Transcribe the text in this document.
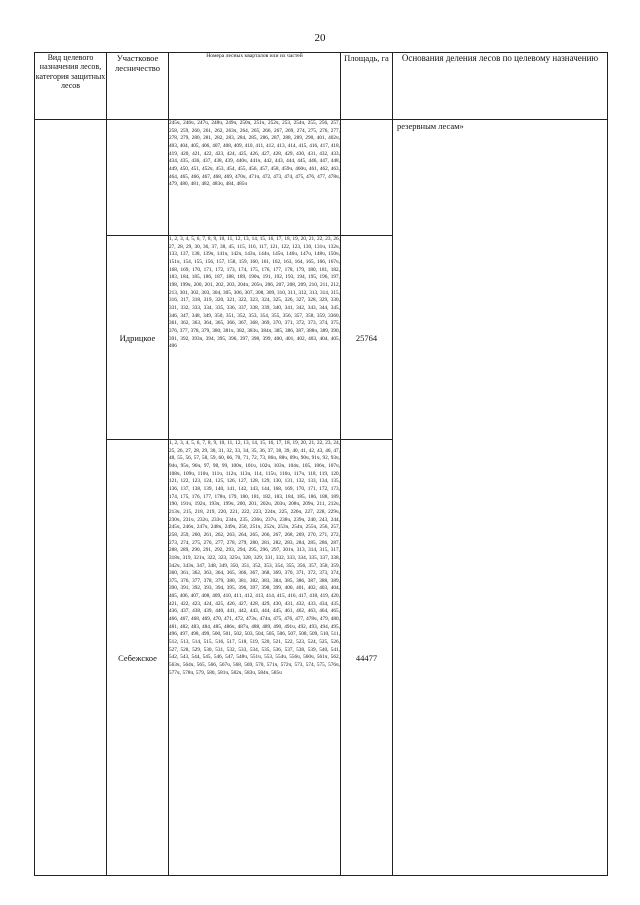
20
Вид целевого назначения лесов, категория защитных лесов	Участковое лесничество	Номера лесных кварталов или их частей	Площадь, га	Основания деления лесов по целевому назначению
		245ч, 246ч, 247ч, 248ч, 249ч, 250ч, 251ч, 252ч, 253, 254ч, 255, 256, 257, 258, 259, 260, 261, 262, 263ч, 264, 265, 266, 267, 269, 274, 275, 276, 277, 278, 279, 280, 281, 282, 283, 284, 285, 286, 287, 288, 289, 290, 401, 402ч, 403, 404, 405, 406, 407, 408, 409, 410, 411, 412, 413, 414, 415, 416, 417, 418, 419, 420, 421, 422, 423, 424, 425, 426, 427, 428, 429, 430, 431, 432, 433, 434, 435, 436, 437, 438, 439, 440ч, 441ч, 442, 443, 444, 445, 446, 447, 448, 449, 450, 451, 452ч, 453, 454, 455, 456, 457, 458, 459ч, 460ч, 461, 462, 463, 464, 465, 466, 467, 468, 469, 470ч, 471ч, 472, 473, 474, 475, 476, 477, 478ч, 479, 480, 481, 482, 483ч, 484, 485ч		резервным лесам»
	Идрицкое	1, 2, 3, 4, 5, 6, 7, 8, 9, 10, 11, 12, 13, 14, 15, 16, 17, 18, 19, 20, 21, 22, 23, 26, 27, 28, 29, 30, 36, 37, 38, 45, 115, 116, 117, 121, 122, 123, 130, 131ч, 132ч, 133, 137, 138, 139ч, 141ч, 142ч, 143ч, 144ч, 145ч, 146ч, 147ч, 148ч, 150ч, 151ч, 154, 155, 156, 157, 158, 159, 160, 161, 162, 163, 164, 165, 166, 167ч, 168, 169, 170, 171, 172, 173, 174, 175, 176, 177, 178, 179, 180, 181, 182, 183, 184, 185, 186, 187, 188, 189, 190ч, 191, 192, 193, 194, 195, 196, 197, 198, 199ч, 200, 201, 202, 203, 204ч, 205ч, 206, 207, 208, 209, 210, 211, 212, 213, 301, 302, 303, 304, 305, 306, 307, 308, 309, 310, 311, 312, 313, 314, 315, 316, 317, 318, 319, 320, 321, 322, 323, 324, 325, 326, 327, 328, 329, 330, 331, 332, 333, 334, 335, 336, 337, 338, 339, 340, 341, 342, 343, 344, 345, 346, 347, 348, 349, 350, 351, 352, 353, 354, 355, 356, 357, 358, 359, 3360, 361, 362, 363, 364, 365, 366, 367, 368, 369, 370, 371, 372, 373, 374, 375, 376, 377, 378, 379, 380, 381ч, 382, 383ч, 384ч, 385, 386, 387, 388ч, 389, 390, 391, 392, 393ч, 394, 395, 396, 397, 398, 399, 400, 401, 402, 403, 404, 405, 406	25764	
	Себежское	1, 2, 3, 4, 5, 6, 7, 8, 9, 10, 11, 12, 13, 14, 15, 16, 17, 18, 19, 20, 21, 22, 23, 24, 25, 26, 27, 28, 29, 30, 31, 32, 33, 34, 35, 36, 37, 38, 39, 40, 41, 42, 43, 46, 47, 48, 55, 56, 57, 58, 59, 60, 66, 70, 71, 72, 73, 86ч, 88ч, 89ч, 90ч, 91ч, 92, 93ч, 94ч, 95ч, 96ч, 97, 98, 99, 100ч, 101ч, 102ч, 103ч, 104ч, 105, 106ч, 107ч, 108ч, 109ч, 110ч, 111ч, 112ч, 113ч, 114, 115ч, 116ч, 117ч, 118, 119, 120, 121, 122, 123, 124, 125, 126, 127, 128, 129, 130, 131, 132, 133, 134, 135, 136, 137, 138, 139, 140, 141, 142, 143, 144, 168, 169, 170, 171, 172, 173, 174, 175, 176, 177, 178ч, 179, 180, 181, 182, 183, 184, 185, 186, 188, 189, 190, 191ч, 192ч, 193ч, 199ч, 200, 201, 202ч, 203ч, 208ч, 209ч, 211, 212ч, 213ч, 215, 218, 219, 220, 221, 222, 223, 224ч, 225, 226ч, 227, 228, 229ч, 230ч, 231ч, 232ч, 233ч, 234ч, 235, 236ч, 237ч, 238ч, 239ч, 240, 243, 244, 245ч, 246ч, 247ч, 248ч, 249ч, 250, 251ч, 252ч, 253ч, 254ч, 255ч, 256, 257, 258, 259, 260, 261, 262, 263, 264, 265, 266, 267, 268, 269, 270, 271, 272, 273, 274, 275, 276, 277, 278, 279, 280, 281, 282, 283, 284, 285, 286, 287, 288, 289, 290, 291, 292, 293, 294, 295, 296, 297, 301ч, 313, 314, 315, 317, 318ч, 319, 321ч, 322, 323, 325ч, 328, 329, 331, 332, 333, 334, 335, 337, 338, 342ч, 343ч, 347, 348, 349, 350, 351, 352, 353, 354, 355, 356, 357, 358, 359, 360, 361, 362, 363, 364, 365, 366, 367, 368, 369, 370, 371, 372, 373, 374, 375, 376, 377, 378, 379, 380, 381, 382, 383, 384, 385, 386, 387, 388, 389, 390, 391, 392, 393, 394, 395, 396, 397, 398, 399, 400, 401, 402, 403, 404, 405, 406, 407, 408, 409, 410, 411, 412, 413, 414, 415, 416, 417, 418, 419, 420, 421, 422, 423, 424, 425, 426, 427, 428, 429, 430, 431, 432, 433, 434, 435, 436, 437, 438, 439, 440, 441, 442, 443, 444, 445, 461, 462, 463, 464, 465, 466, 467, 468, 469, 470, 471, 472, 473ч, 474ч, 475, 476, 477, 478ч, 479, 480, 481, 482, 483, 484, 485, 486ч, 487ч, 488, 489, 490, 491ч, 492, 493, 494, 495, 496, 497, 498, 499, 500, 501, 502, 503, 504, 505, 506, 507, 508, 509, 510, 511, 512, 513, 514, 515, 516, 517, 518, 519, 520, 521, 522, 523, 524, 525, 526, 527, 528, 529, 530, 531, 532, 533, 534, 535, 536, 537, 538, 539, 540, 541, 542, 543, 544, 545, 546, 547, 548ч, 551ч, 553, 554ч, 556ч, 560ч, 561ч, 562, 563ч, 564ч, 565, 566, 567ч, 568, 569, 570, 571ч, 572ч, 573, 574, 575, 576ч, 577ч, 578ч, 579, 580, 581ч, 582ч, 583ч, 584ч, 585ч	44477	
